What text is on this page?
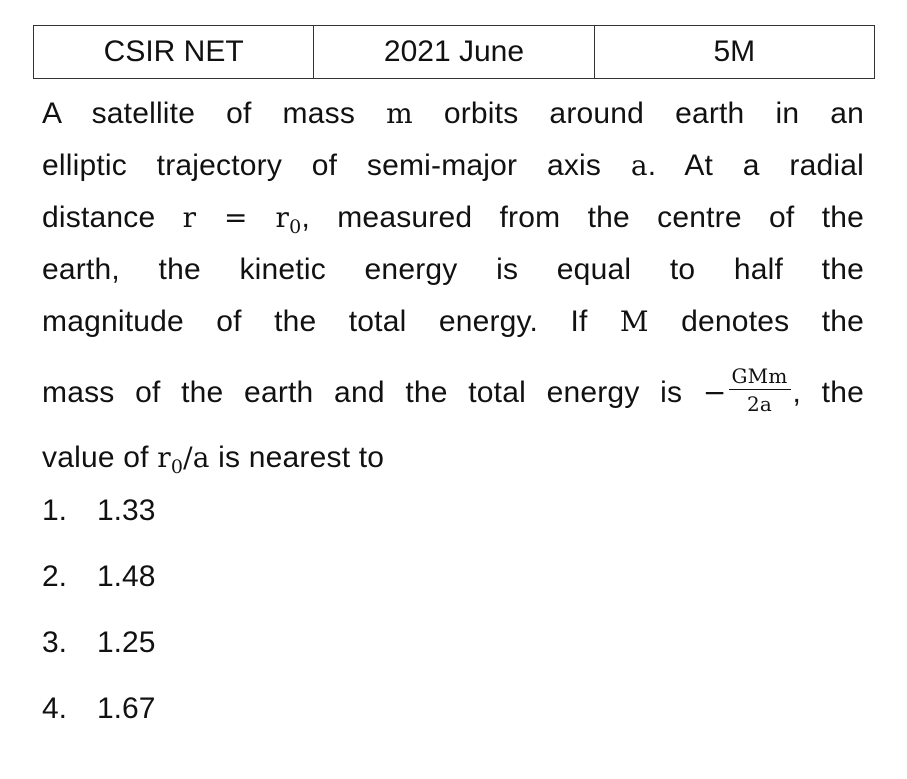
CSIR NET	2021 June	5M
A satellite of mass m orbits around earth in an
elliptic trajectory of semi-major axis a. At a radial
distance $r = r_0$, measured from the centre of the
earth, the kinetic energy is equal to half the
magnitude of the total energy. If M denotes the
mass of the earth and the total energy is − $\frac{\text{GMm}}{2a}$ , the
value of $r_0/a$ is nearest to
1. 1.33
2. 1.48
3. 1.25
4. 1.67
